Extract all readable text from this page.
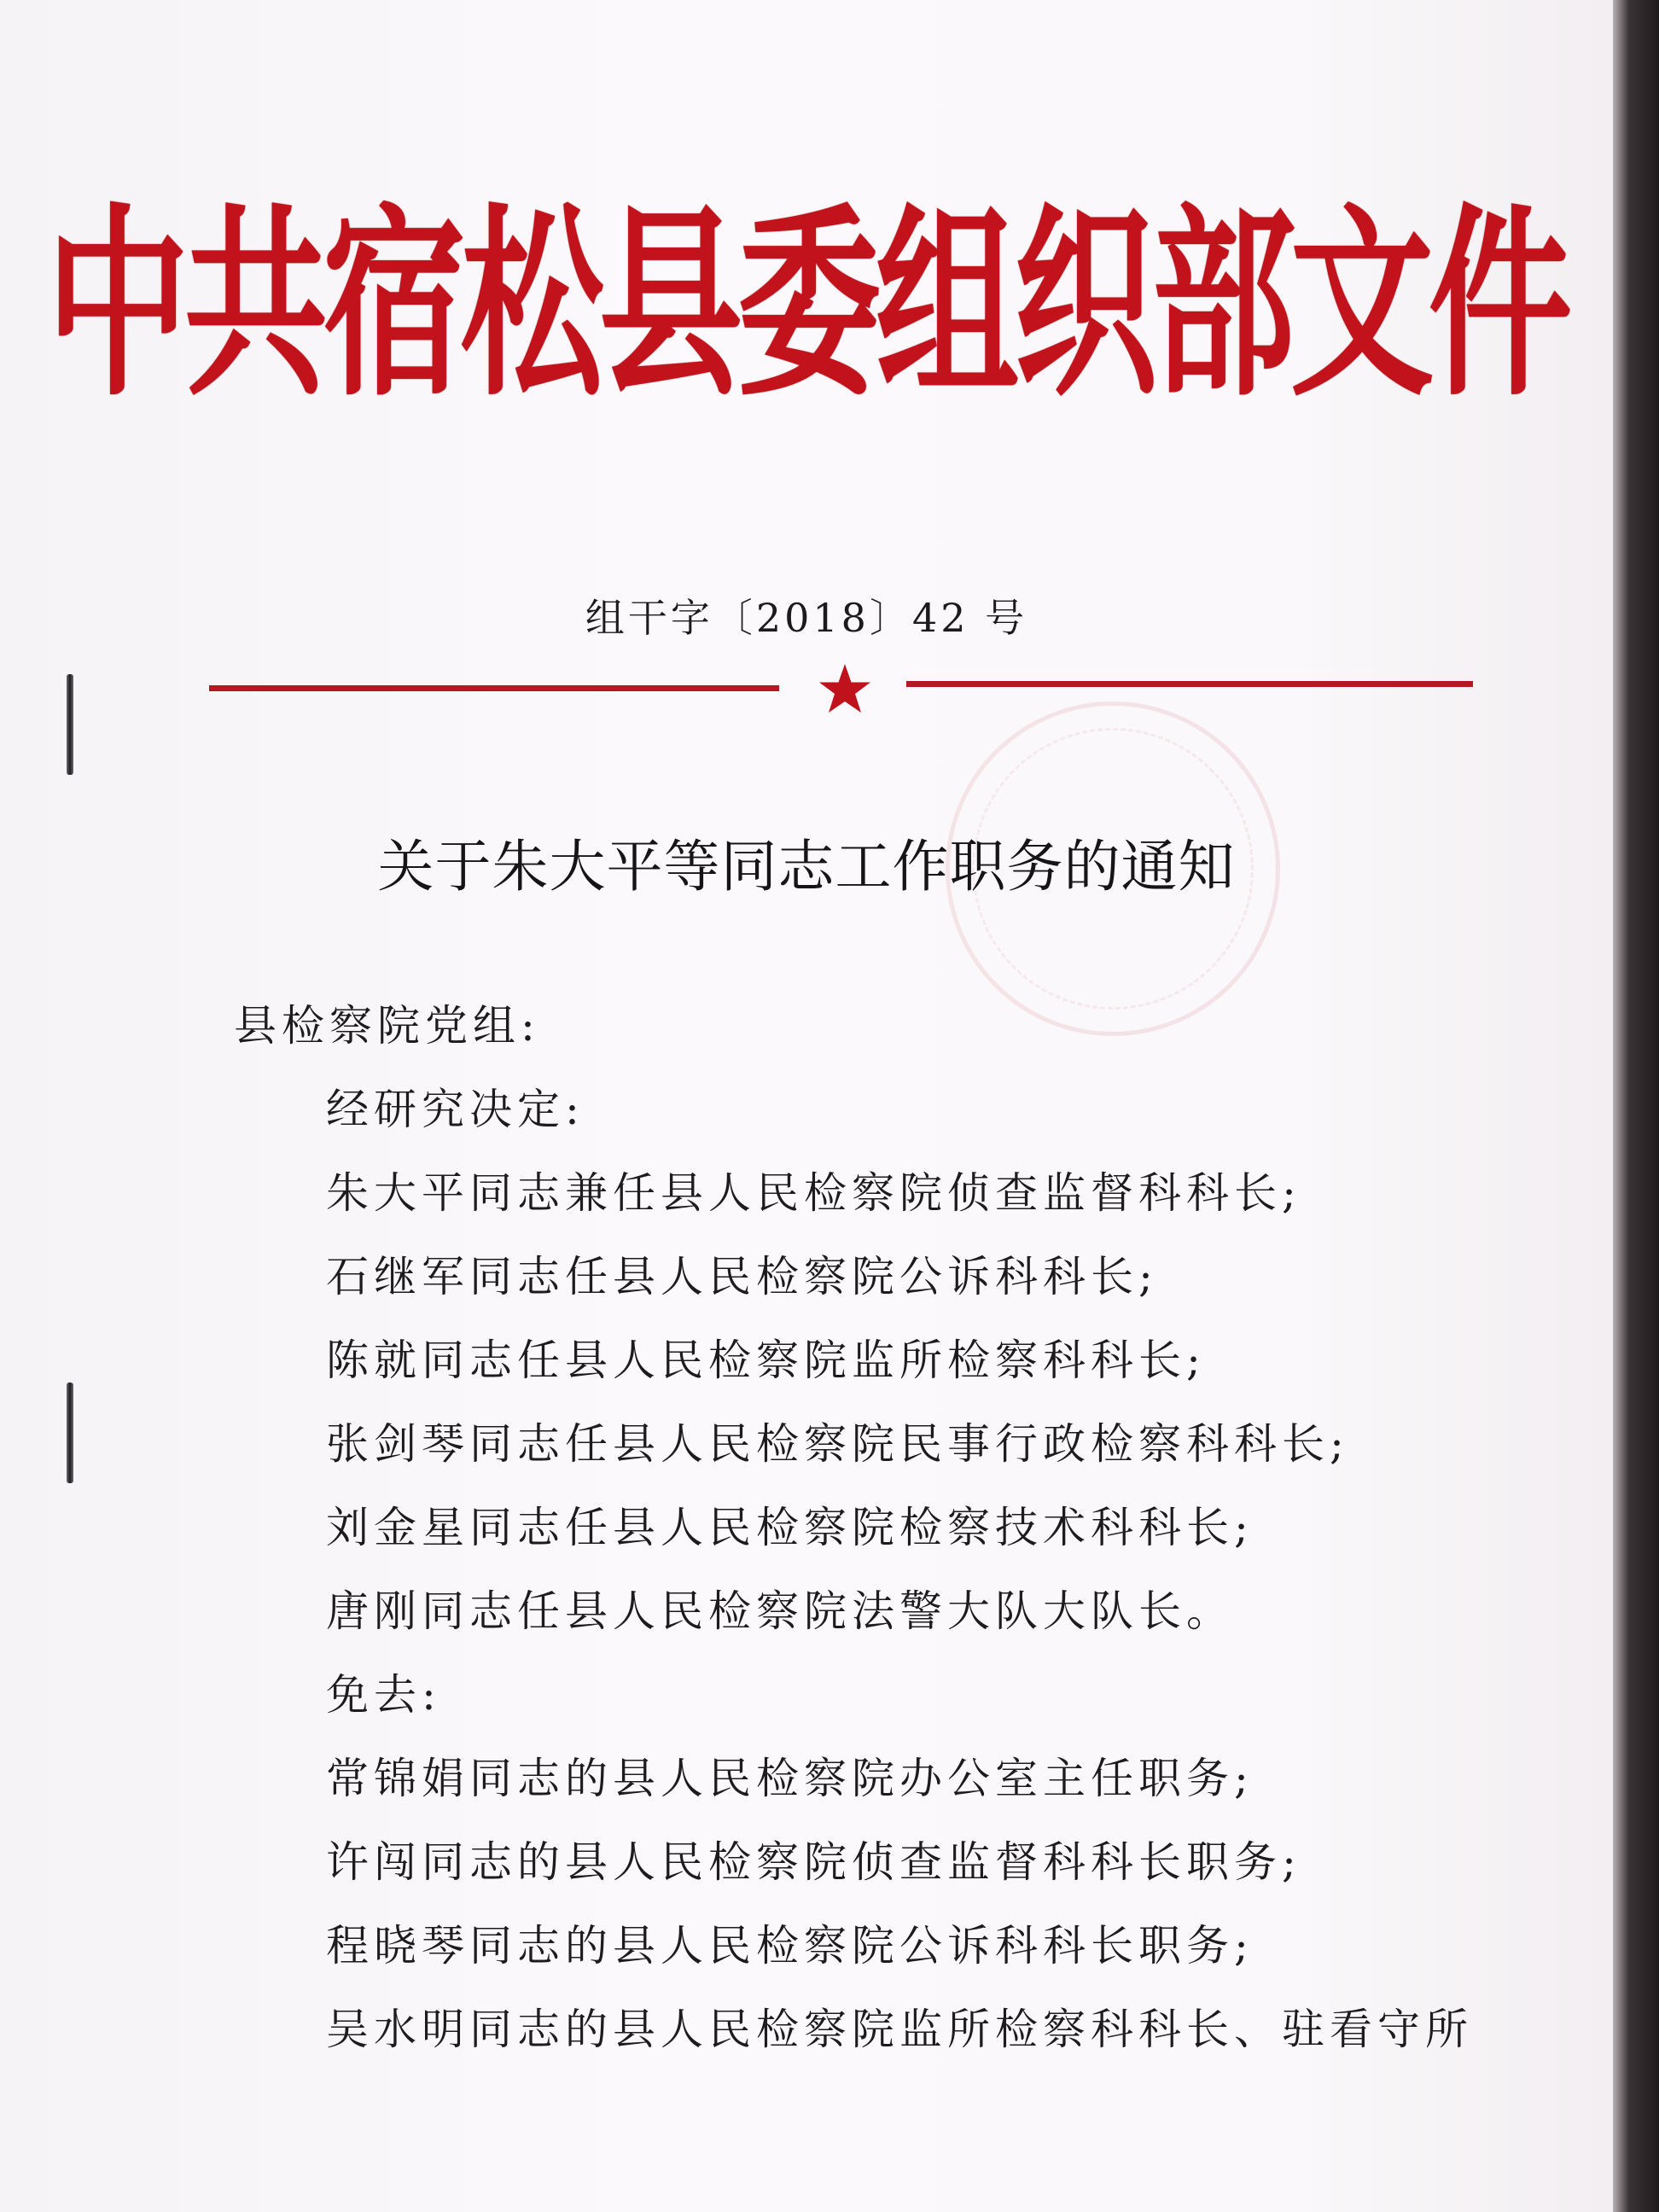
中共宿松县委组织部文件
组干字〔2018〕42 号
关于朱大平等同志工作职务的通知
县检察院党组:
经研究决定:
朱大平同志兼任县人民检察院侦查监督科科长;
石继军同志任县人民检察院公诉科科长;
陈就同志任县人民检察院监所检察科科长;
张剑琴同志任县人民检察院民事行政检察科科长;
刘金星同志任县人民检察院检察技术科科长;
唐刚同志任县人民检察院法警大队大队长。
免去:
常锦娟同志的县人民检察院办公室主任职务;
许闯同志的县人民检察院侦查监督科科长职务;
程晓琴同志的县人民检察院公诉科科长职务;
吴水明同志的县人民检察院监所检察科科长、驻看守所
